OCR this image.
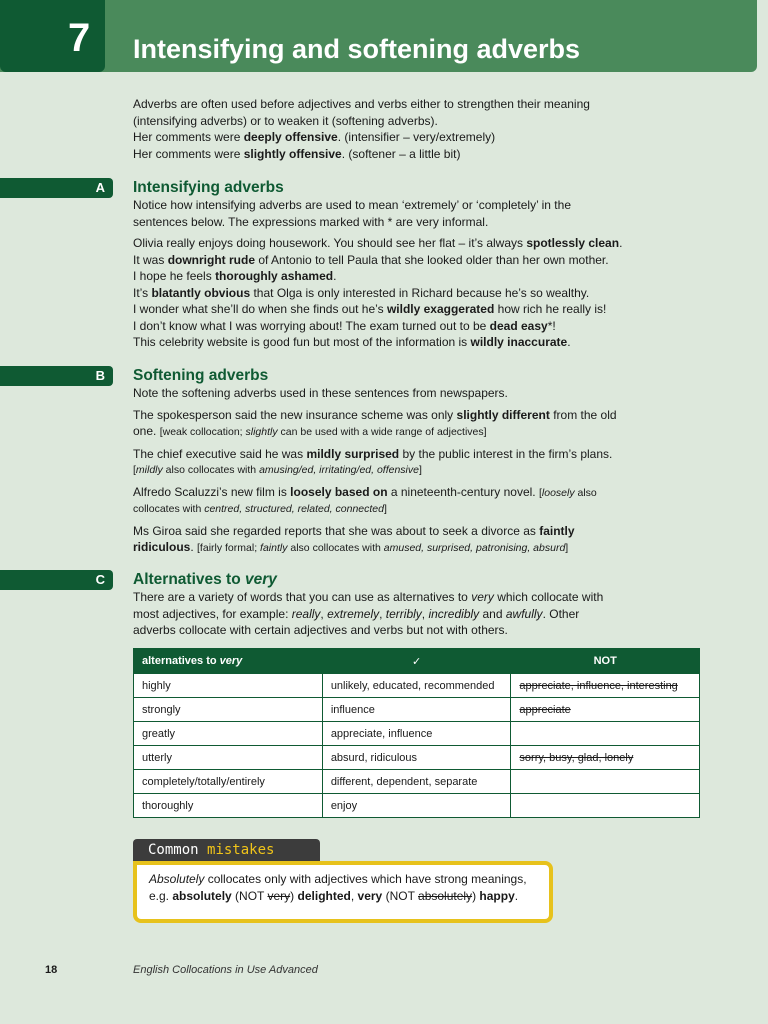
7	Intensifying and softening adverbs

Adverbs are often used before adjectives and verbs either to strengthen their meaning

(intensifying adverbs) or to weaken it (softening adverbs).

Her comments were deeply offensive. (intensifier – very/extremely)

Her comments were slightly offensive. (softener – a little bit)

A Intensifying adverbs

Notice how intensifying adverbs are used to mean ‘extremely’ or ‘completely’ in the

sentences below. The expressions marked with * are very informal.

Olivia really enjoys doing housework. You should see her flat – it’s always spotlessly clean.

It was downright rude of Antonio to tell Paula that she looked older than her own mother.

I hope he feels thoroughly ashamed.

It’s blatantly obvious that Olga is only interested in Richard because he’s so wealthy.

I wonder what she’ll do when she finds out he’s wildly exaggerated how rich he really is!

I don’t know what I was worrying about! The exam turned out to be dead easy*!

This celebrity website is good fun but most of the information is wildly inaccurate.

B Softening adverbs

Note the softening adverbs used in these sentences from newspapers.

The spokesperson said the new insurance scheme was only slightly different from the old

one. [weak collocation; slightly can be used with a wide range of adjectives]

The chief executive said he was mildly surprised by the public interest in the firm’s plans.

[mildly also collocates with amusing/ed, irritating/ed, offensive]

Alfredo Scaluzzi’s new film is loosely based on a nineteenth-century novel. [loosely also

collocates with centred, structured, related, connected]

Ms Giroa said she regarded reports that she was about to seek a divorce as faintly

ridiculous. [fairly formal; faintly also collocates with amused, surprised, patronising, absurd]

C Alternatives to very

There are a variety of words that you can use as alternatives to very which collocate with

most adjectives, for example: really, extremely, terribly, incredibly and awfully. Other

adverbs collocate with certain adjectives and verbs but not with others.

alternatives to very	✓	NOT
highly	unlikely, educated, recommended	appreciate, influence, interesting
strongly	influence	appreciate
greatly	appreciate, influence	
utterly	absurd, ridiculous	sorry, busy, glad, lonely
completely/totally/entirely	different, dependent, separate	
thoroughly	enjoy	
Common mistakes
Absolutely collocates only with adjectives which have strong meanings,
e.g. absolutely (NOT very) delighted, very (NOT absolutely) happy.
18	English Collocations in Use Advanced
